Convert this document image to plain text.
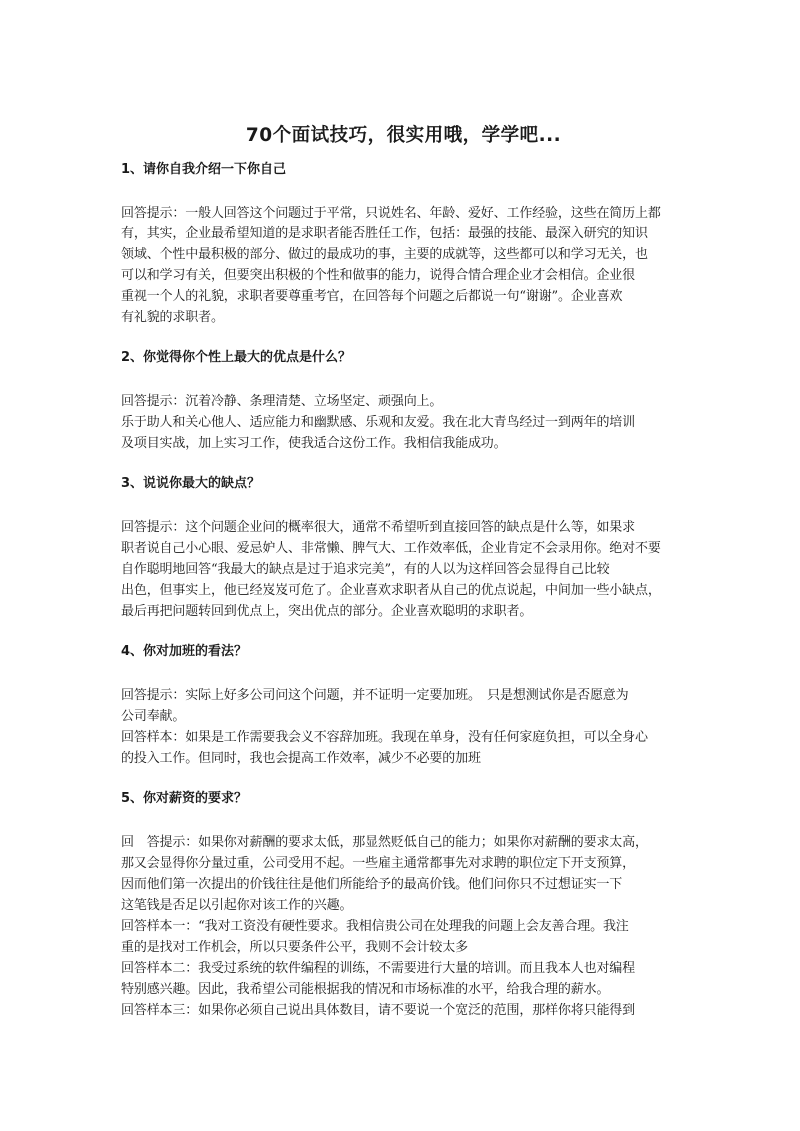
70个面试技巧，很实用哦，学学吧...
1、请你自我介绍一下你自己
回答提示：一般人回答这个问题过于平常，只说姓名、年龄、爱好、工作经验，这些在简历上都
有，其实，企业最希望知道的是求职者能否胜任工作，包括：最强的技能、最深入研究的知识
领域、个性中最积极的部分、做过的最成功的事，主要的成就等，这些都可以和学习无关，也
可以和学习有关，但要突出积极的个性和做事的能力，说得合情合理企业才会相信。企业很
重视一个人的礼貌，求职者要尊重考官，在回答每个问题之后都说一句“谢谢”。企业喜欢
有礼貌的求职者。
2、你觉得你个性上最大的优点是什么？
回答提示：沉着冷静、条理清楚、立场坚定、顽强向上。
乐于助人和关心他人、适应能力和幽默感、乐观和友爱。我在北大青鸟经过一到两年的培训
及项目实战，加上实习工作，使我适合这份工作。我相信我能成功。
3、说说你最大的缺点？
回答提示：这个问题企业问的概率很大，通常不希望听到直接回答的缺点是什么等，如果求
职者说自己小心眼、爱忌妒人、非常懒、脾气大、工作效率低，企业肯定不会录用你。绝对不要
自作聪明地回答“我最大的缺点是过于追求完美”，有的人以为这样回答会显得自己比较
出色，但事实上，他已经岌岌可危了。企业喜欢求职者从自己的优点说起，中间加一些小缺点，
最后再把问题转回到优点上，突出优点的部分。企业喜欢聪明的求职者。
4、你对加班的看法？
回答提示：实际上好多公司问这个问题，并不证明一定要加班。　只是想测试你是否愿意为
公司奉献。
回答样本：如果是工作需要我会义不容辞加班。我现在单身，没有任何家庭负担，可以全身心
的投入工作。但同时，我也会提高工作效率，减少不必要的加班
5、你对薪资的要求？
回　答提示：如果你对薪酬的要求太低，那显然贬低自己的能力；如果你对薪酬的要求太高，
那又会显得你分量过重，公司受用不起。一些雇主通常都事先对求聘的职位定下开支预算，
因而他们第一次提出的价钱往往是他们所能给予的最高价钱。他们问你只不过想证实一下
这笔钱是否足以引起你对该工作的兴趣。
回答样本一：“我对工资没有硬性要求。我相信贵公司在处理我的问题上会友善合理。我注
重的是找对工作机会，所以只要条件公平，我则不会计较太多
回答样本二：我受过系统的软件编程的训练，不需要进行大量的培训。而且我本人也对编程
特别感兴趣。因此，我希望公司能根据我的情况和市场标准的水平，给我合理的薪水。
回答样本三：如果你必须自己说出具体数目，请不要说一个宽泛的范围，那样你将只能得到
